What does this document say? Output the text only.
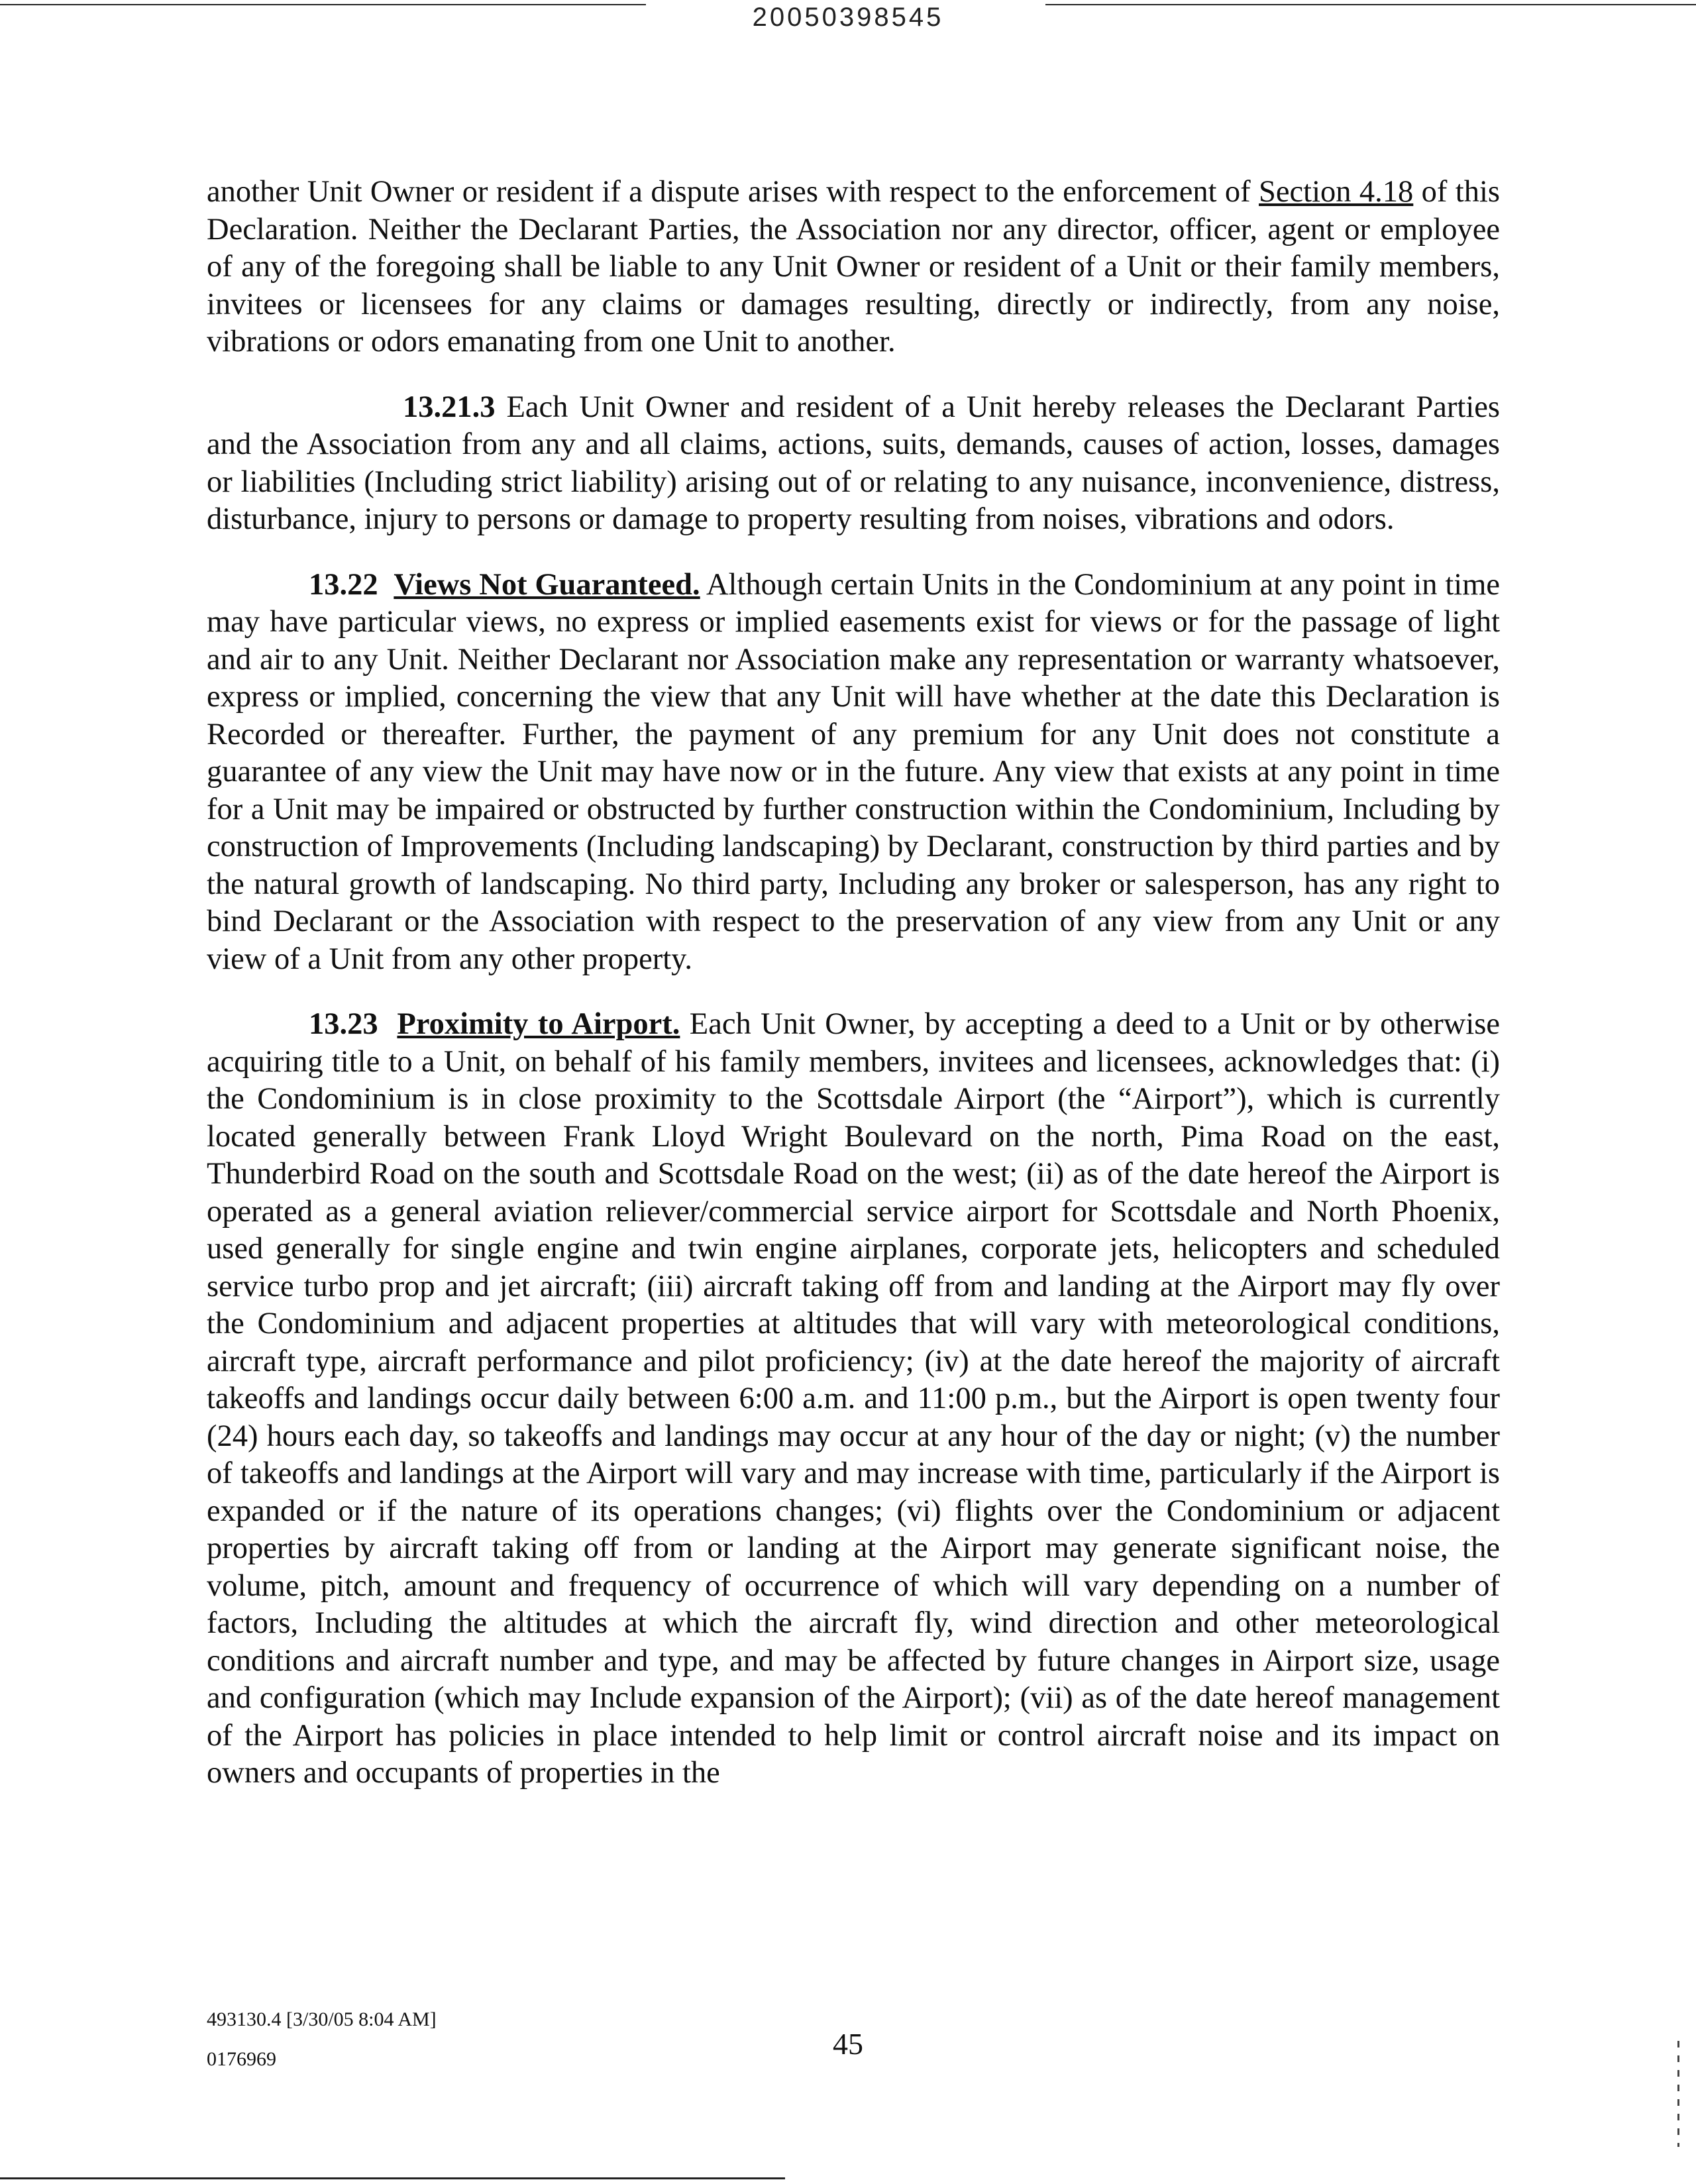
20050398545

another Unit Owner or resident if a dispute arises with respect to the enforcement of Section 4.18 of this Declaration. Neither the Declarant Parties, the Association nor any director, officer, agent or employee of any of the foregoing shall be liable to any Unit Owner or resident of a Unit or their family members, invitees or licensees for any claims or damages resulting, directly or indirectly, from any noise, vibrations or odors emanating from one Unit to another.

13.21.3 Each Unit Owner and resident of a Unit hereby releases the Declarant Parties and the Association from any and all claims, actions, suits, demands, causes of action, losses, damages or liabilities (Including strict liability) arising out of or relating to any nuisance, inconvenience, distress, disturbance, injury to persons or damage to property resulting from noises, vibrations and odors.

13.22 Views Not Guaranteed. Although certain Units in the Condominium at any point in time may have particular views, no express or implied easements exist for views or for the passage of light and air to any Unit. Neither Declarant nor Association make any representation or warranty whatsoever, express or implied, concerning the view that any Unit will have whether at the date this Declaration is Recorded or thereafter. Further, the payment of any premium for any Unit does not constitute a guarantee of any view the Unit may have now or in the future. Any view that exists at any point in time for a Unit may be impaired or obstructed by further construction within the Condominium, Including by construction of Improvements (Including landscaping) by Declarant, construction by third parties and by the natural growth of landscaping. No third party, Including any broker or salesperson, has any right to bind Declarant or the Association with respect to the preservation of any view from any Unit or any view of a Unit from any other property.

13.23 Proximity to Airport. Each Unit Owner, by accepting a deed to a Unit or by otherwise acquiring title to a Unit, on behalf of his family members, invitees and licensees, acknowledges that: (i) the Condominium is in close proximity to the Scottsdale Airport (the “Airport”), which is currently located generally between Frank Lloyd Wright Boulevard on the north, Pima Road on the east, Thunderbird Road on the south and Scottsdale Road on the west; (ii) as of the date hereof the Airport is operated as a general aviation reliever/commercial service airport for Scottsdale and North Phoenix, used generally for single engine and twin engine airplanes, corporate jets, helicopters and scheduled service turbo prop and jet aircraft; (iii) aircraft taking off from and landing at the Airport may fly over the Condominium and adjacent properties at altitudes that will vary with meteorological conditions, aircraft type, aircraft performance and pilot proficiency; (iv) at the date hereof the majority of aircraft takeoffs and landings occur daily between 6:00 a.m. and 11:00 p.m., but the Airport is open twenty four (24) hours each day, so takeoffs and landings may occur at any hour of the day or night; (v) the number of takeoffs and landings at the Airport will vary and may increase with time, particularly if the Airport is expanded or if the nature of its operations changes; (vi) flights over the Condominium or adjacent properties by aircraft taking off from or landing at the Airport may generate significant noise, the volume, pitch, amount and frequency of occurrence of which will vary depending on a number of factors, Including the altitudes at which the aircraft fly, wind direction and other meteorological conditions and aircraft number and type, and may be affected by future changes in Airport size, usage and configuration (which may Include expansion of the Airport); (vii) as of the date hereof management of the Airport has policies in place intended to help limit or control aircraft noise and its impact on owners and occupants of properties in the

493130.4 [3/30/05 8:04 AM]
0176969	45
